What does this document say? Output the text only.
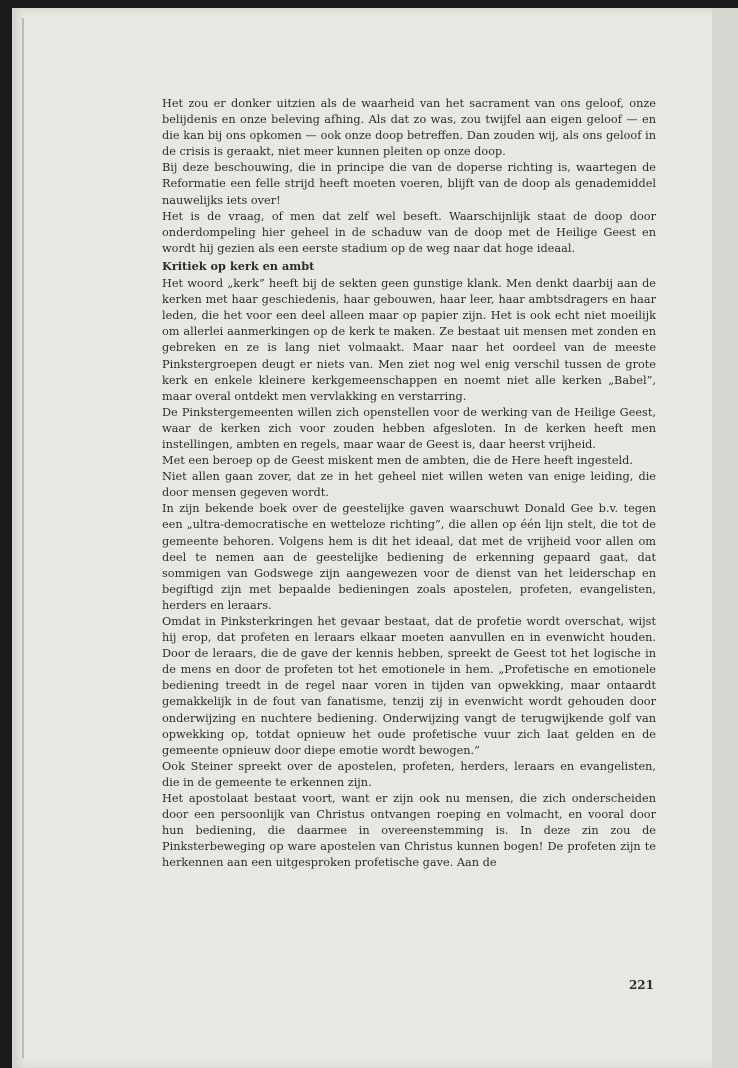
Het zou er donker uitzien als de waarheid van het sacrament van ons geloof, onze belijdenis en onze beleving afhing. Als dat zo was, zou twijfel aan eigen geloof — en die kan bij ons opkomen — ook onze doop betreffen. Dan zouden wij, als ons geloof in de crisis is geraakt, niet meer kunnen pleiten op onze doop.

Bij deze beschouwing, die in principe die van de doperse richting is, waartegen de Reformatie een felle strijd heeft moeten voeren, blijft van de doop als genademiddel nauwelijks iets over!

Het is de vraag, of men dat zelf wel beseft. Waarschijnlijk staat de doop door onderdompeling hier geheel in de schaduw van de doop met de Heilige Geest en wordt hij gezien als een eerste stadium op de weg naar dat hoge ideaal.

Kritiek op kerk en ambt

Het woord „kerk” heeft bij de sekten geen gunstige klank. Men denkt daarbij aan de kerken met haar geschiedenis, haar gebouwen, haar leer, haar ambtsdragers en haar leden, die het voor een deel alleen maar op papier zijn. Het is ook echt niet moeilijk om allerlei aanmerkingen op de kerk te maken. Ze bestaat uit mensen met zonden en gebreken en ze is lang niet volmaakt. Maar naar het oordeel van de meeste Pinkstergroepen deugt er niets van. Men ziet nog wel enig verschil tussen de grote kerk en enkele kleinere kerkgemeenschappen en noemt niet alle kerken „Babel”, maar overal ontdekt men vervlakking en verstarring.

De Pinkstergemeenten willen zich openstellen voor de werking van de Heilige Geest, waar de kerken zich voor zouden hebben afgesloten. In de kerken heeft men instellingen, ambten en regels, maar waar de Geest is, daar heerst vrijheid.

Met een beroep op de Geest miskent men de ambten, die de Here heeft ingesteld.

Niet allen gaan zover, dat ze in het geheel niet willen weten van enige leiding, die door mensen gegeven wordt.

In zijn bekende boek over de geestelijke gaven waarschuwt Donald Gee b.v. tegen een „ultra-democratische en wetteloze richting”, die allen op één lijn stelt, die tot de gemeente behoren. Volgens hem is dit het ideaal, dat met de vrijheid voor allen om deel te nemen aan de geestelijke bediening de erkenning gepaard gaat, dat sommigen van Godswege zijn aangewezen voor de dienst van het leiderschap en begiftigd zijn met bepaalde bedieningen zoals apostelen, profeten, evangelisten, herders en leraars.

Omdat in Pinksterkringen het gevaar bestaat, dat de profetie wordt overschat, wijst hij erop, dat profeten en leraars elkaar moeten aanvullen en in evenwicht houden. Door de leraars, die de gave der kennis hebben, spreekt de Geest tot het logische in de mens en door de profeten tot het emotionele in hem. „Profetische en emotionele bediening treedt in de regel naar voren in tijden van opwekking, maar ontaardt gemakkelijk in de fout van fanatisme, tenzij zij in evenwicht wordt gehouden door onderwijzing en nuchtere bediening. Onderwijzing vangt de terugwijkende golf van opwekking op, totdat opnieuw het oude profetische vuur zich laat gelden en de gemeente opnieuw door diepe emotie wordt bewogen.”

Ook Steiner spreekt over de apostelen, profeten, herders, leraars en evangelisten, die in de gemeente te erkennen zijn.

Het apostolaat bestaat voort, want er zijn ook nu mensen, die zich onderscheiden door een persoonlijk van Christus ontvangen roeping en volmacht, en vooral door hun bediening, die daarmee in overeenstemming is. In deze zin zou de Pinksterbeweging op ware apostelen van Christus kunnen bogen! De profeten zijn te herkennen aan een uitgesproken profetische gave. Aan de

221
